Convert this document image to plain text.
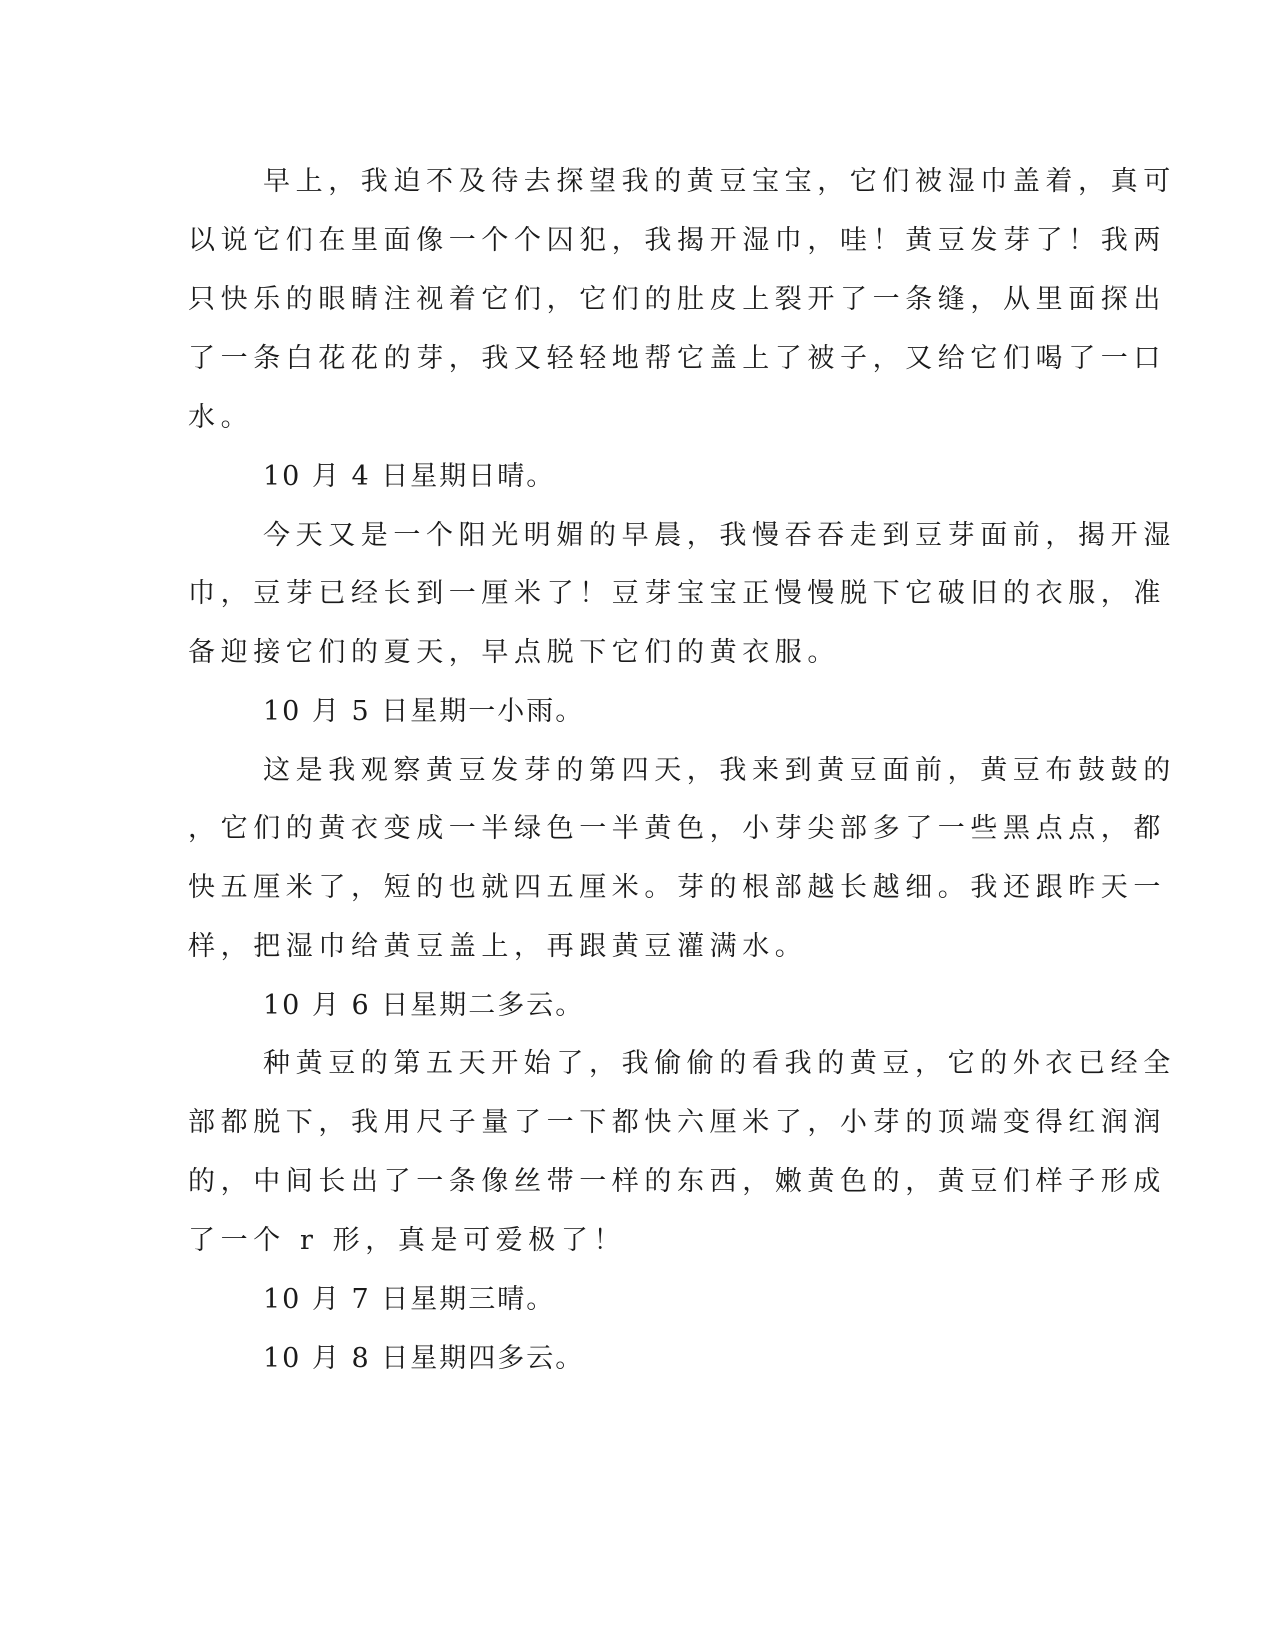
早上，我迫不及待去探望我的黄豆宝宝，它们被湿巾盖着，真可
以说它们在里面像一个个囚犯，我揭开湿巾，哇！黄豆发芽了！我两
只快乐的眼睛注视着它们，它们的肚皮上裂开了一条缝，从里面探出
了一条白花花的芽，我又轻轻地帮它盖上了被子，又给它们喝了一口
水。
10 月 4 日星期日晴。
今天又是一个阳光明媚的早晨，我慢吞吞走到豆芽面前，揭开湿
巾，豆芽已经长到一厘米了！豆芽宝宝正慢慢脱下它破旧的衣服，准
备迎接它们的夏天，早点脱下它们的黄衣服。
10 月 5 日星期一小雨。
这是我观察黄豆发芽的第四天，我来到黄豆面前，黄豆布鼓鼓的
，它们的黄衣变成一半绿色一半黄色，小芽尖部多了一些黑点点，都
快五厘米了，短的也就四五厘米。芽的根部越长越细。我还跟昨天一
样，把湿巾给黄豆盖上，再跟黄豆灌满水。
10 月 6 日星期二多云。
种黄豆的第五天开始了，我偷偷的看我的黄豆，它的外衣已经全
部都脱下，我用尺子量了一下都快六厘米了，小芽的顶端变得红润润
的，中间长出了一条像丝带一样的东西，嫩黄色的，黄豆们样子形成
了一个 r 形，真是可爱极了！
10 月 7 日星期三晴。
10 月 8 日星期四多云。
